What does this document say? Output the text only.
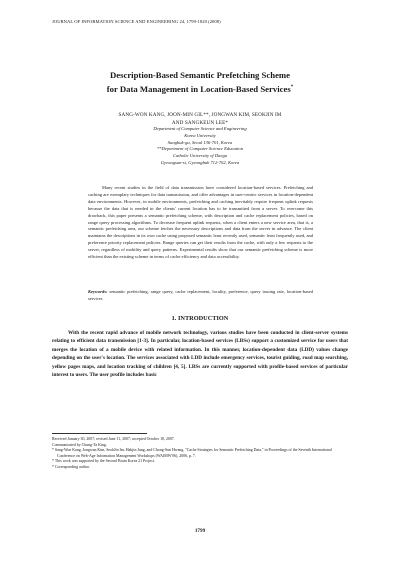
JOURNAL OF INFORMATION SCIENCE AND ENGINEERING 24, 1799-1820 (2008)
Description-Based Semantic Prefetching Scheme
for Data Management in Location-Based Services*
SANG-WON KANG, JOON-MIN GIL**, JONGWAN KIM, SEOKJIN IM
AND SANGKEUN LEE*
Department of Computer Science and Engineering
Korea University
Sungbuk-gu, Seoul 136-701, Korea
**Department of Computer Science Education
Catholic University of Daegu
Gyeongsan-si, Gyeongbuk 712-702, Korea
Many recent studies in the field of data transmission have considered location-based services. Prefetching and caching are exemplary techniques for data transmission, and offer advantages in user-centric services in location-dependent data environments. However, in mobile environments, prefetching and caching inevitably require frequent uplink requests because the data that is needed in the clients' current location has to be transmitted from a server. To overcome this drawback, this paper presents a semantic prefetching scheme, with description and cache replacement policies, based on range query processing algorithms. To decrease frequent uplink requests, when a client enters a new service area, that is, a semantic prefetching area, our scheme fetches the necessary descriptions and data from the server in advance. The client maintains the descriptions in its own cache using proposed semantic least recently used, semantic least frequently used, and preference priority replacement policies. Range queries can get their results from the cache, with only a few requests to the server, regardless of mobility and query patterns. Experimental results show that our semantic prefetching scheme is more efficient than the existing scheme in terms of cache efficiency and data accessibility.
Keywords: semantic prefetching, range query, cache replacement, locality, preference, query issuing rate, location-based services
1. INTRODUCTION
With the recent rapid advance of mobile network technology, various studies have been conducted in client-server systems relating to efficient data transmission [1-3]. In particular, location-based services (LBSs) support a customized service for users that merges the location of a mobile device with related information. In this manner, location-dependent data (LDD) values change depending on the user's location. The services associated with LDD include emergency services, tourist guiding, road map searching, yellow pages maps, and location tracking of children [4, 5]. LBSs are currently supported with profile-based services of particular interest to users. The user profile includes basic
Received January 30, 2007; revised June 11, 2007; accepted October 18, 2007.
Communicated by Chung-Ta King.
* Sang-Won Kang, Jongwan Kim, SeokJin Im, Hakjin Jung, and Chong-Sun Hwang, "Cache Strategies for Semantic Prefetching Data," in Proceedings of the Seventh International Conference on Web-Age Information Management Workshops (WAIMW'06), 2006, p. 7.
* This work was supported by the Second Brain Korea 21 Project.
* Corresponding author.
1799
